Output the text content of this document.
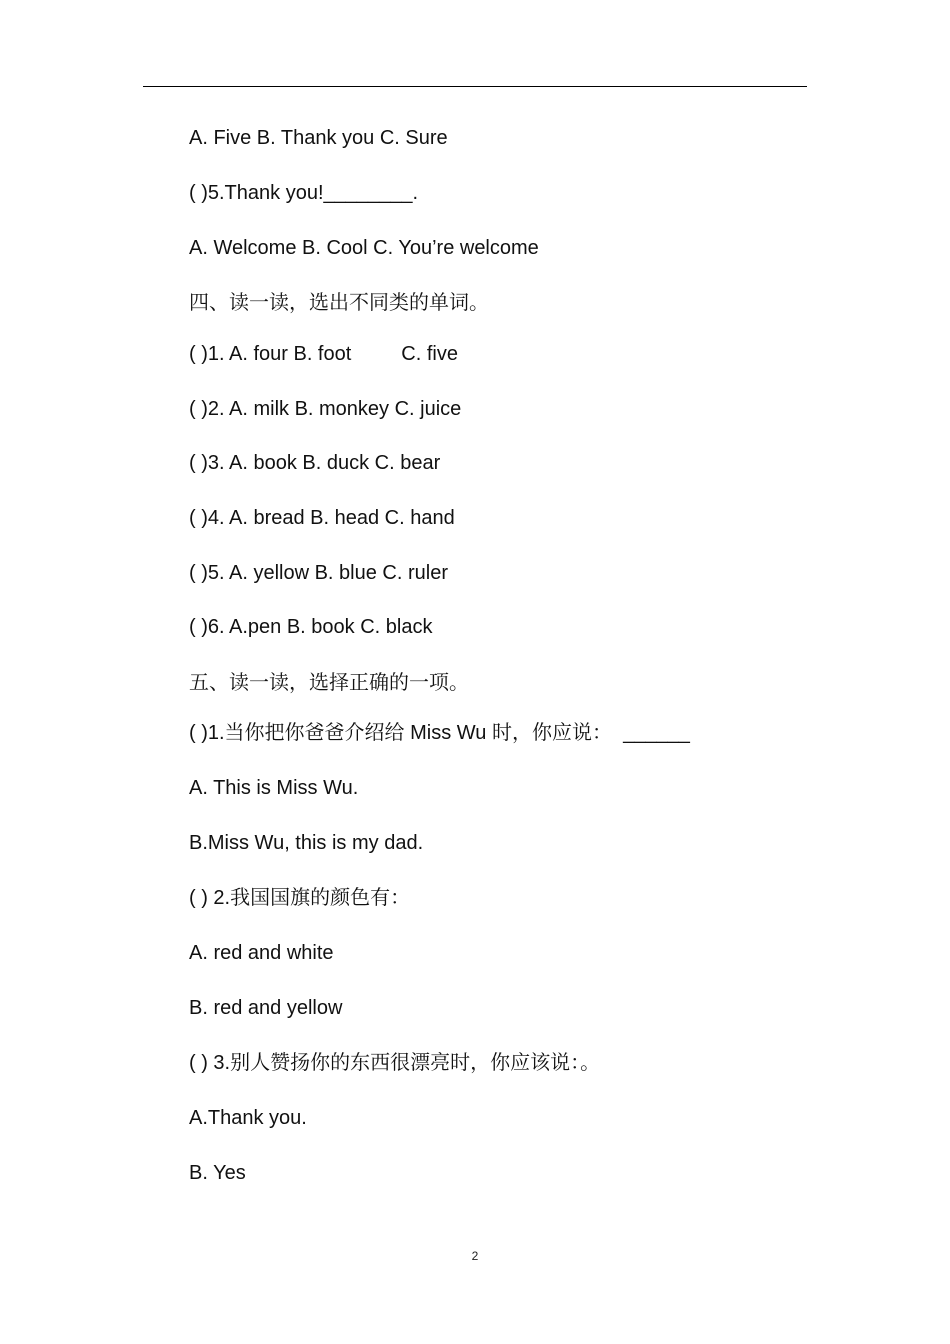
A. Five B. Thank you C. Sure
( )5.Thank you!________.
A. Welcome B. Cool C. You’re welcome
四、读一读，选出不同类的单词。
( )1. A. four B. foot         C. five
( )2. A. milk B. monkey C. juice
( )3. A. book B. duck C. bear
( )4. A. bread B. head C. hand
( )5. A. yellow B. blue C. ruler
( )6. A.pen B. book C. black
五、读一读，选择正确的一项。
( )1.当你把你爸爸介绍给 Miss Wu 时，你应说：  ______
A. This is Miss Wu.
B.Miss Wu, this is my dad.
( ) 2.我国国旗的颜色有：
A. red and white
B. red and yellow
( ) 3.别人赞扬你的东西很漂亮时，你应该说：。
A.Thank you.
B. Yes
2
